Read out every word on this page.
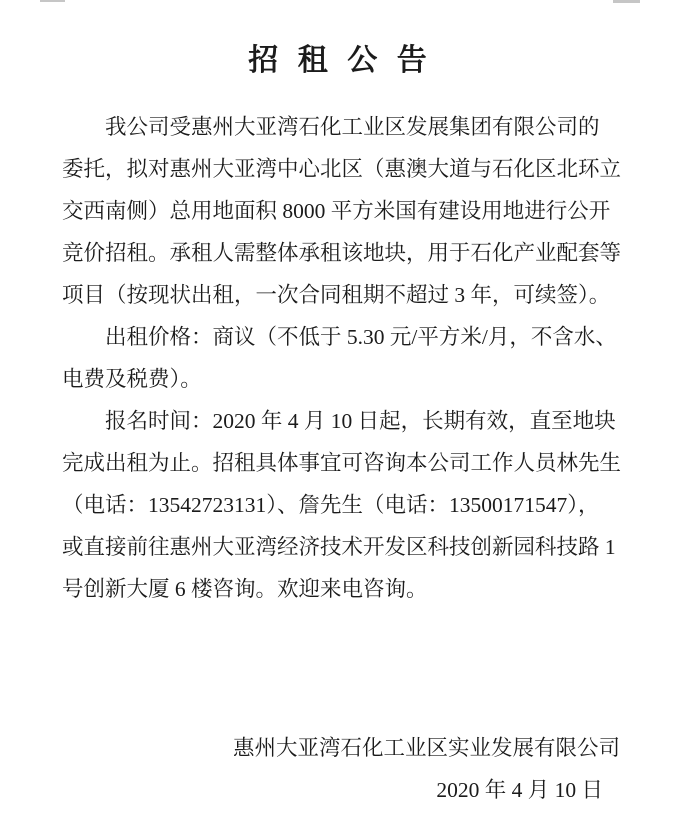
招 租 公 告
我公司受惠州大亚湾石化工业区发展集团有限公司的
委托，拟对惠州大亚湾中心北区（惠澳大道与石化区北环立
交西南侧）总用地面积 8000 平方米国有建设用地进行公开
竞价招租。承租人需整体承租该地块，用于石化产业配套等
项目（按现状出租，一次合同租期不超过 3 年，可续签）。
出租价格：商议（不低于 5.30 元/平方米/月，不含水、
电费及税费）。
报名时间：2020 年 4 月 10 日起，长期有效，直至地块
完成出租为止。招租具体事宜可咨询本公司工作人员林先生
（电话：13542723131）、詹先生（电话：13500171547），
或直接前往惠州大亚湾经济技术开发区科技创新园科技路 1
号创新大厦 6 楼咨询。欢迎来电咨询。
惠州大亚湾石化工业区实业发展有限公司
2020 年 4 月 10 日
